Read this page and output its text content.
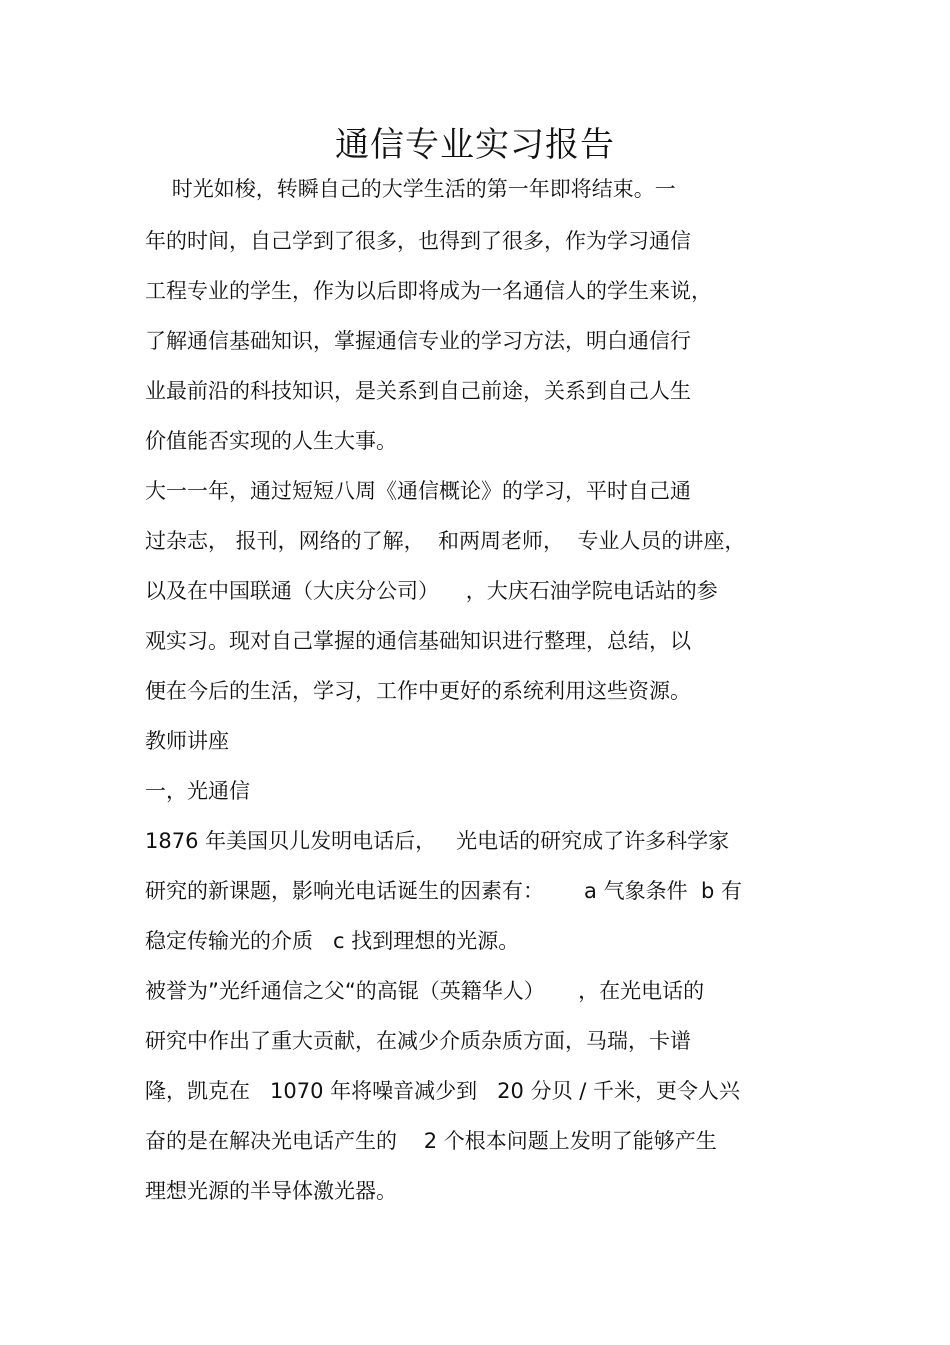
通信专业实习报告
时光如梭，转瞬自己的大学生活的第一年即将结束。一
年的时间，自己学到了很多，也得到了很多，作为学习通信
工程专业的学生，作为以后即将成为一名通信人的学生来说，
了解通信基础知识，掌握通信专业的学习方法，明白通信行
业最前沿的科技知识，是关系到自己前途，关系到自己人生
价值能否实现的人生大事。
大一一年，通过短短八周《通信概论》的学习，平时自己通
过杂志， 报刊，网络的了解，  和两周老师，  专业人员的讲座，
以及在中国联通（大庆分公司）    ，大庆石油学院电话站的参
观实习。现对自己掌握的通信基础知识进行整理，总结，以
便在今后的生活，学习，工作中更好的系统利用这些资源。
教师讲座
一，光通信
1876 年美国贝儿发明电话后，   光电话的研究成了许多科学家
研究的新课题，影响光电话诞生的因素有：      a 气象条件  b 有
稳定传输光的介质   c 找到理想的光源。
被誉为”光纤通信之父“的高锟（英籍华人）     ，在光电话的
研究中作出了重大贡献，在减少介质杂质方面，马瑞，卡谱
隆，凯克在   1070 年将噪音减少到   20 分贝 / 千米，更令人兴
奋的是在解决光电话产生的    2 个根本问题上发明了能够产生
理想光源的半导体激光器。
